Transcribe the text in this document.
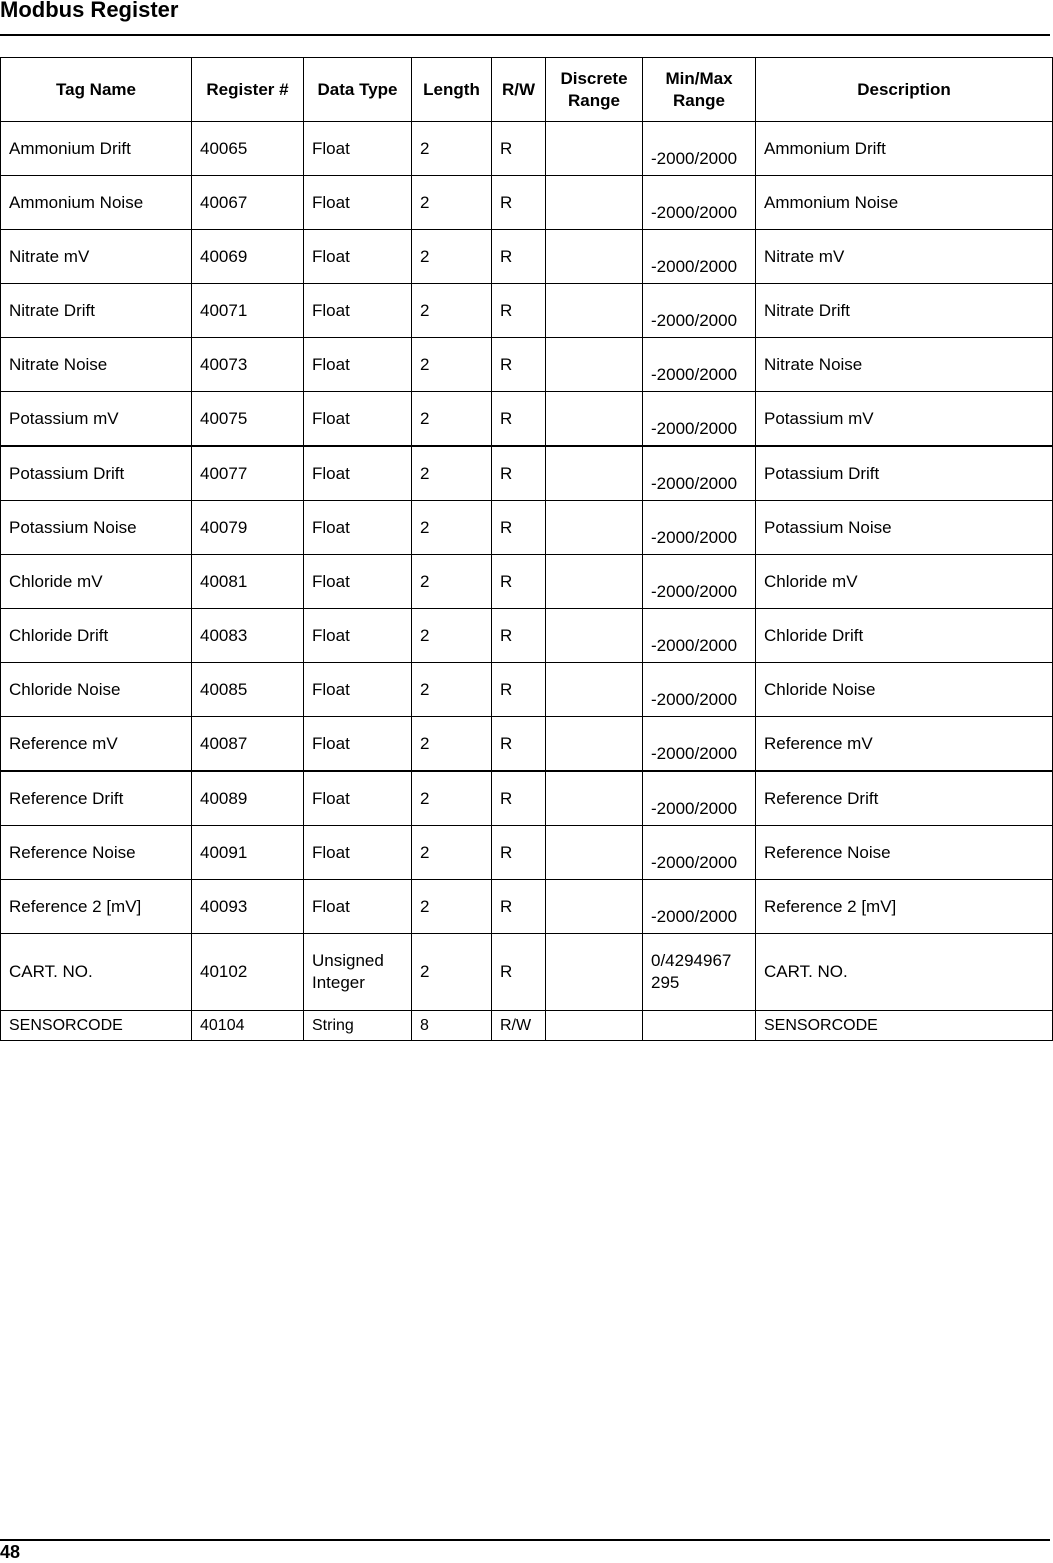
Modbus Register
Tag Name	Register #	Data Type	Length	R/W	Discrete Range	Min/Max Range	Description
Ammonium Drift	40065	Float	2	R		-2000/2000	Ammonium Drift
Ammonium Noise	40067	Float	2	R		-2000/2000	Ammonium Noise
Nitrate mV	40069	Float	2	R		-2000/2000	Nitrate mV
Nitrate Drift	40071	Float	2	R		-2000/2000	Nitrate Drift
Nitrate Noise	40073	Float	2	R		-2000/2000	Nitrate Noise
Potassium mV	40075	Float	2	R		-2000/2000	Potassium mV
Potassium Drift	40077	Float	2	R		-2000/2000	Potassium Drift
Potassium Noise	40079	Float	2	R		-2000/2000	Potassium Noise
Chloride mV	40081	Float	2	R		-2000/2000	Chloride mV
Chloride Drift	40083	Float	2	R		-2000/2000	Chloride Drift
Chloride Noise	40085	Float	2	R		-2000/2000	Chloride Noise
Reference mV	40087	Float	2	R		-2000/2000	Reference mV
Reference Drift	40089	Float	2	R		-2000/2000	Reference Drift
Reference Noise	40091	Float	2	R		-2000/2000	Reference Noise
Reference 2 [mV]	40093	Float	2	R		-2000/2000	Reference 2 [mV]
CART. NO.	40102	Unsigned Integer	2	R		0/4294967 295	CART. NO.
SENSORCODE	40104	String	8	R/W			SENSORCODE
48
